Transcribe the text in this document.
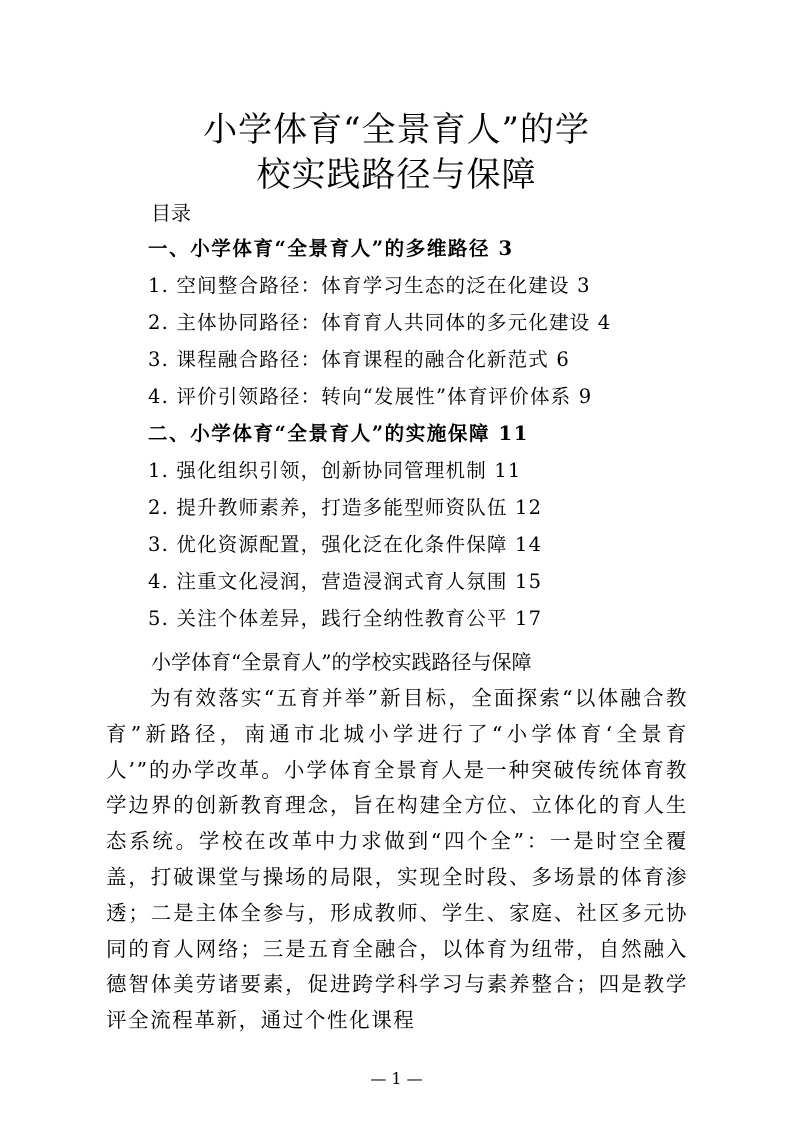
小学体育“全景育人”的学
校实践路径与保障
目录
一、小学体育“全景育人”的多维路径 3
1. 空间整合路径：体育学习生态的泛在化建设 3
2. 主体协同路径：体育育人共同体的多元化建设 4
3. 课程融合路径：体育课程的融合化新范式 6
4. 评价引领路径：转向“发展性”体育评价体系 9
二、小学体育“全景育人”的实施保障 11
1. 强化组织引领，创新协同管理机制 11
2. 提升教师素养，打造多能型师资队伍 12
3. 优化资源配置，强化泛在化条件保障 14
4. 注重文化浸润，营造浸润式育人氛围 15
5. 关注个体差异，践行全纳性教育公平 17
小学体育“全景育人”的学校实践路径与保障
为有效落实“五育并举”新目标，全面探索“以体融合教育”新路径，南通市北城小学进行了“小学体育‘全景育人’”的办学改革。小学体育全景育人是一种突破传统体育教学边界的创新教育理念，旨在构建全方位、立体化的育人生态系统。学校在改革中力求做到“四个全”：一是时空全覆盖，打破课堂与操场的局限，实现全时段、多场景的体育渗透；二是主体全参与，形成教师、学生、家庭、社区多元协同的育人网络；三是五育全融合，以体育为纽带，自然融入德智体美劳诸要素，促进跨学科学习与素养整合；四是教学评全流程革新，通过个性化课程
— 1 —
